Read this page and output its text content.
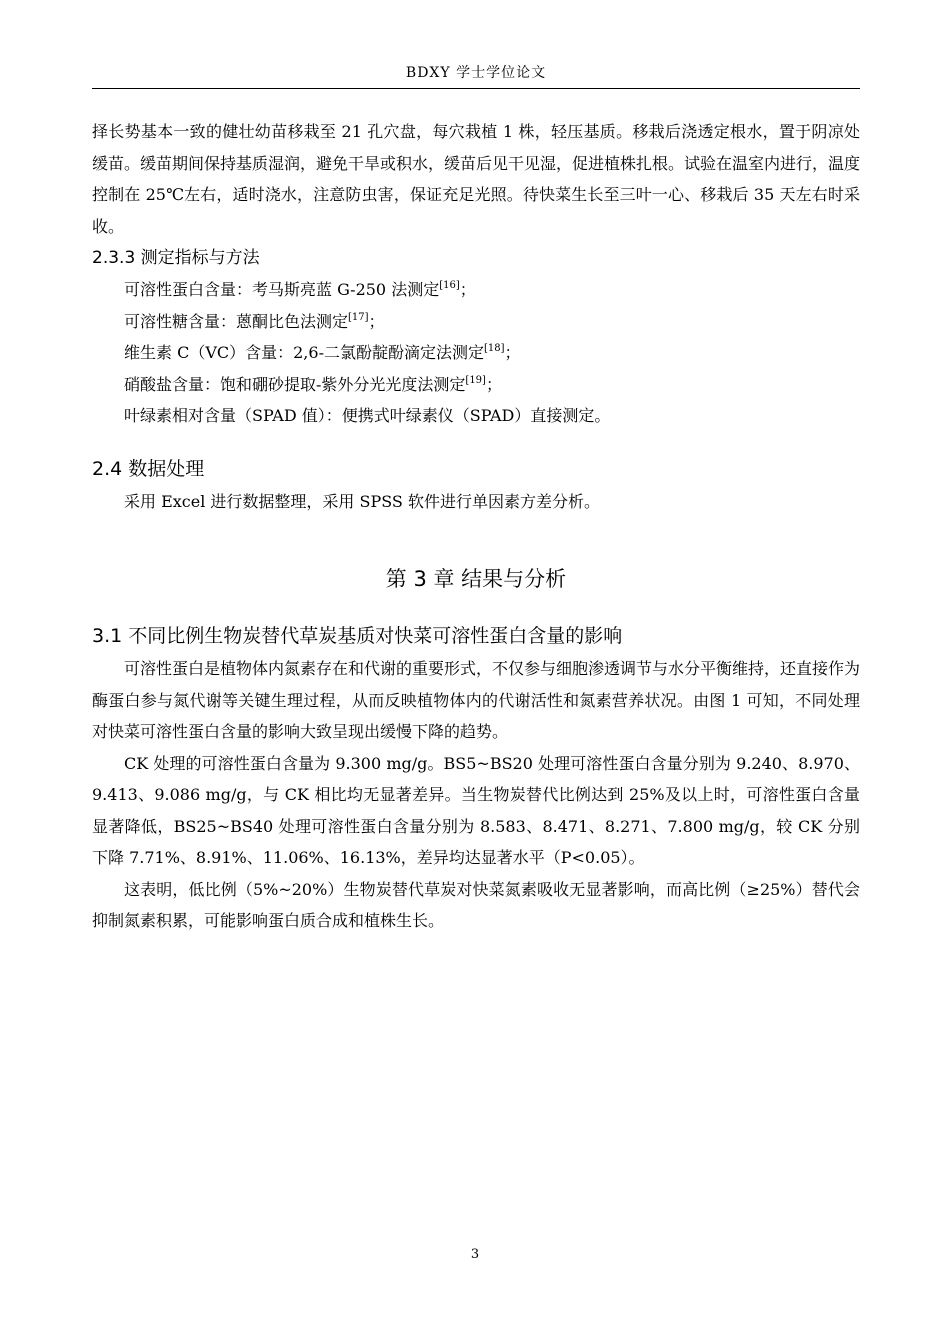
BDXY 学士学位论文

择长势基本一致的健壮幼苗移栽至 21 孔穴盘，每穴栽植 1 株，轻压基质。移栽后浇透定根水，置于阴凉处缓苗。缓苗期间保持基质湿润，避免干旱或积水，缓苗后见干见湿，促进植株扎根。试验在温室内进行，温度控制在 25℃左右，适时浇水，注意防虫害，保证充足光照。待快菜生长至三叶一心、移栽后 35 天左右时采收。

2.3.3 测定指标与方法
可溶性蛋白含量：考马斯亮蓝 G-250 法测定[16]；
可溶性糖含量：蒽酮比色法测定[17]；
维生素 C（VC）含量：2,6-二氯酚靛酚滴定法测定[18]；
硝酸盐含量：饱和硼砂提取-紫外分光光度法测定[19]；
叶绿素相对含量（SPAD 值）：便携式叶绿素仪（SPAD）直接测定。
2.4 数据处理

采用 Excel 进行数据整理，采用 SPSS 软件进行单因素方差分析。

第 3 章 结果与分析
3.1 不同比例生物炭替代草炭基质对快菜可溶性蛋白含量的影响

可溶性蛋白是植物体内氮素存在和代谢的重要形式，不仅参与细胞渗透调节与水分平衡维持，还直接作为酶蛋白参与氮代谢等关键生理过程，从而反映植物体内的代谢活性和氮素营养状况。由图 1 可知，不同处理对快菜可溶性蛋白含量的影响大致呈现出缓慢下降的趋势。

CK 处理的可溶性蛋白含量为 9.300 mg/g。BS5~BS20 处理可溶性蛋白含量分别为 9.240、8.970、9.413、9.086 mg/g，与 CK 相比均无显著差异。当生物炭替代比例达到 25%及以上时，可溶性蛋白含量显著降低，BS25~BS40 处理可溶性蛋白含量分别为 8.583、8.471、8.271、7.800 mg/g，较 CK 分别下降 7.71%、8.91%、11.06%、16.13%，差异均达显著水平（P<0.05）。

这表明，低比例（5%~20%）生物炭替代草炭对快菜氮素吸收无显著影响，而高比例（≥25%）替代会抑制氮素积累，可能影响蛋白质合成和植株生长。

3
